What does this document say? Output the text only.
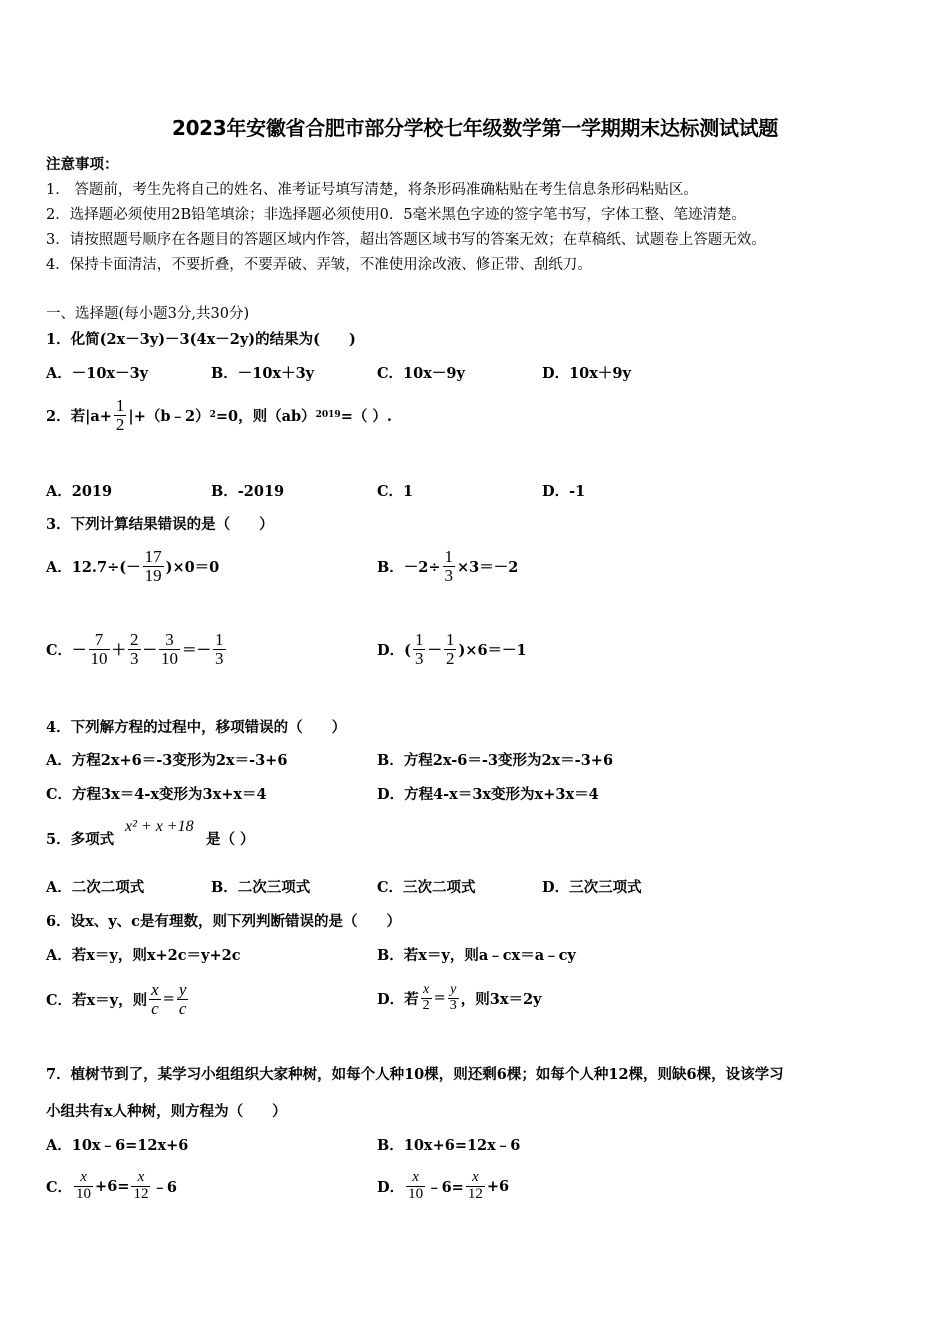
2023年安徽省合肥市部分学校七年级数学第一学期期末达标测试试题
注意事项：
1． 答题前，考生先将自己的姓名、准考证号填写清楚，将条形码准确粘贴在考生信息条形码粘贴区。
2．选择题必须使用2B铅笔填涂；非选择题必须使用0．5毫米黑色字迹的签字笔书写，字体工整、笔迹清楚。
3．请按照题号顺序在各题目的答题区域内作答，超出答题区域书写的答案无效；在草稿纸、试题卷上答题无效。
4．保持卡面清洁，不要折叠，不要弄破、弄皱，不准使用涂改液、修正带、刮纸刀。
一、选择题(每小题3分,共30分)
1．化简(2x－3y)－3(4x－2y)的结果为(　　)
A．－10x－3y	B．－10x＋3y	C．10x－9y	D．10x＋9y
2．若$|a+ \frac{1}{2}$ |+（b﹣2） 2 =0，则（ab） 2019 =（ ）.
A．2019	B．-2019	C．1	D．-1
3．下列计算结果错误的是（　　）
A．$12.7\div(- \frac{17}{19} )\times 0=0$	B．$-2\div \frac{1}{3} \times 3=-2$
C．－ $\frac{7}{10} + \frac{2}{3} - \frac{3}{10} =- \frac{1}{3}$	D．( $\frac{1}{3} - \frac{1}{2} )\times 6=-1$
4．下列解方程的过程中，移项错误的（　　）
A．方程2x+6＝-3变形为2x＝-3+6	B．方程2x-6＝-3变形为2x＝-3+6
C．方程3x＝4-x变形为3x+x＝4	D．方程4-x＝3x变形为x+3x＝4
5．多项式
x² + x +18
是（ ）
A．二次二项式	B．二次三项式	C．三次二项式	D．三次三项式
6．设x、y、c是有理数，则下列判断错误的是（　　）
A．若x＝y，则x+2c＝y+2c	B．若x＝y，则a﹣cx＝a﹣cy
C．若x＝y，则 $\frac{x}{c} = \frac{y}{c}$	D．若 $\frac{x}{2} = \frac{y}{3}$ ，则3x＝2y
7．植树节到了，某学习小组组织大家种树，如每个人种10棵，则还剩6棵；如每个人种12棵，则缺6棵，设该学习
小组共有x人种树，则方程为（　　）
A．10x﹣6=12x+6	B．10x+6=12x﹣6
C． $\frac{x}{10} +6= \frac{x}{12}$ ﹣6	D． $\frac{x}{10}$ ﹣6= $\frac{x}{12} +6$
